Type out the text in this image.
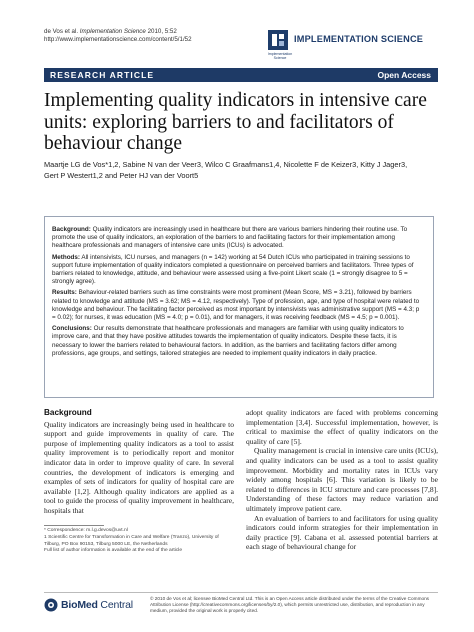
de Vos et al. Implementation Science 2010, 5:52
http://www.implementationscience.com/content/5/1/52
Implementation Science
IMPLEMENTATION SCIENCE
RESEARCH ARTICLE	Open Access
Implementing quality indicators in intensive care units: exploring barriers to and facilitators of behaviour change
Maartje LG de Vos*1,2, Sabine N van der Veer3, Wilco C Graafmans1,4, Nicolette F de Keizer3, Kitty J Jager3,
Gert P Westert1,2 and Peter HJ van der Voort5

Background: Quality indicators are increasingly used in healthcare but there are various barriers hindering their routine use. To promote the use of quality indicators, an exploration of the barriers to and facilitating factors for their implementation among healthcare professionals and managers of intensive care units (ICUs) is advocated.

Methods: All intensivists, ICU nurses, and managers (n = 142) working at 54 Dutch ICUs who participated in training sessions to support future implementation of quality indicators completed a questionnaire on perceived barriers and facilitators. Three types of barriers related to knowledge, attitude, and behaviour were assessed using a five-point Likert scale (1 = strongly disagree to 5 = strongly agree).

Results: Behaviour-related barriers such as time constraints were most prominent (Mean Score, MS = 3.21), followed by barriers related to knowledge and attitude (MS = 3.62; MS = 4.12, respectively). Type of profession, age, and type of hospital were related to knowledge and behaviour. The facilitating factor perceived as most important by intensivists was administrative support (MS = 4.3; p = 0.02); for nurses, it was education (MS = 4.0; p = 0.01), and for managers, it was receiving feedback (MS = 4.5; p = 0.001).

Conclusions: Our results demonstrate that healthcare professionals and managers are familiar with using quality indicators to improve care, and that they have positive attitudes towards the implementation of quality indicators. Despite these facts, it is necessary to lower the barriers related to behavioural factors. In addition, as the barriers and facilitating factors differ among professions, age groups, and settings, tailored strategies are needed to implement quality indicators in daily practice.

Background

Quality indicators are increasingly being used in healthcare to support and guide improvements in quality of care. The purpose of implementing quality indicators as a tool to assist quality improvement is to periodically report and monitor indicator data in order to improve quality of care. In several countries, the development of indicators is emerging and examples of sets of indicators for quality of hospital care are available [1,2]. Although quality indicators are applied as a tool to guide the process of quality improvement in healthcare, hospitals that

adopt quality indicators are faced with problems concerning implementation [3,4]. Successful implementation, however, is critical to maximise the effect of quality indicators on the quality of care [5].

Quality management is crucial in intensive care units (ICUs), and quality indicators can be used as a tool to assist quality improvement. Morbidity and mortality rates in ICUs vary widely among hospitals [6]. This variation is likely to be related to differences in ICU structure and care processes [7,8]. Understanding of these factors may reduce variation and ultimately improve patient care.

An evaluation of barriers to and facilitators for using quality indicators could inform strategies for their implementation in daily practice [9]. Cabana et al. assessed potential barriers at each stage of behavioural change for

* Correspondence: m.l.g.devos@uvt.nl
1 Scientific Centre for Transformation in Care and Welfare (Tranzo), University of Tilburg, PO Box 90153, Tilburg 5000 LE, the Netherlands
Full list of author information is available at the end of the article
BioMed Central
© 2010 de Vos et al; licensee BioMed Central Ltd. This is an Open Access article distributed under the terms of the Creative Commons Attribution License (http://creativecommons.org/licenses/by/2.0), which permits unrestricted use, distribution, and reproduction in any medium, provided the original work is properly cited.
